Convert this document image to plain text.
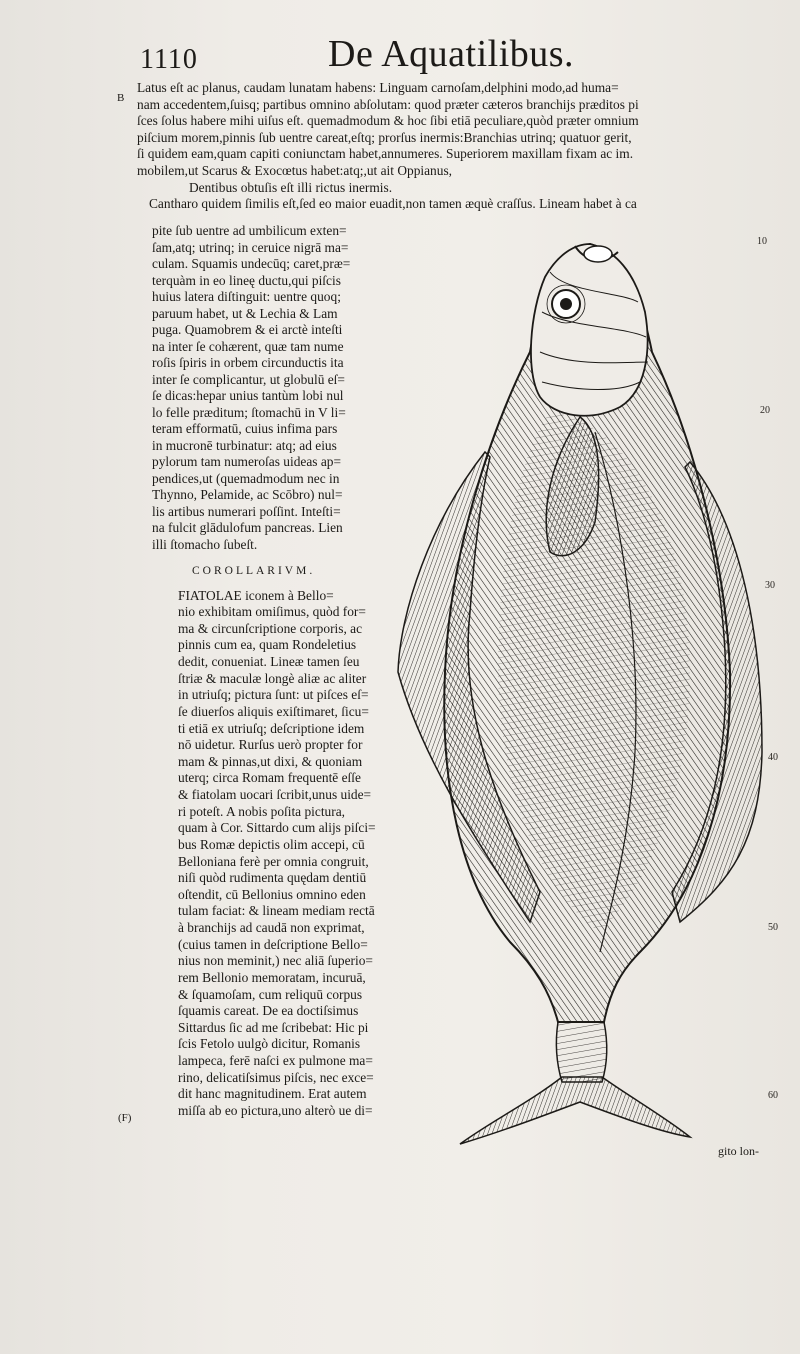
1110	De Aquatilibus.
B
(F)
Latus eſt ac planus, caudam lunatam habens: Linguam carnoſam,delphini modo,ad huma=
nam accedentem,ſuisq; partibus omnino abſolutam: quod præter cæteros branchijs præditos pi
ſces ſolus habere mihi uiſus eſt. quemadmodum & hoc ſibi etiā peculiare,quòd præter omnium
piſcium morem,pinnis ſub uentre careat,eſtq; prorſus inermis:Branchias utrinq; quatuor gerit,
ſi quidem eam,quam capiti coniunctam habet,annumeres. Superiorem maxillam fixam ac im.
mobilem,ut Scarus & Exocœtus habet:atq;,ut ait Oppianus,
Dentibus obtuſis eſt illi rictus inermis.
Cantharo quidem ſimilis eſt,ſed eo maior euadit,non tamen æquè craſſus. Lineam habet à ca
pite ſub uentre ad umbilicum exten=
ſam,atq; utrinq; in ceruice nigrā ma=
culam. Squamis undecūq; caret,præ=
terquàm in eo lineę ductu,qui piſcis
huius latera diſtinguit: uentre quoq;
paruum habet, ut & Lechia & Lam
puga. Quamobrem & ei arctè inteſti
na inter ſe cohærent, quæ tam nume
roſis ſpiris in orbem circunductis ita
inter ſe complicantur, ut globulū eſ=
ſe dicas:hepar unius tantùm lobi nul
lo felle præditum; ſtomachū in V li=
teram efformatū, cuius infima pars
in mucronē turbinatur: atq; ad eius
pylorum tam numeroſas uideas ap=
pendices,ut (quemadmodum nec in
Thynno, Pelamide, ac Scōbro) nul=
lis artibus numerari poſſint. Inteſti=
na fulcit glādulofum pancreas. Lien
illi ſtomacho ſubeſt.
COROLLARIVM.
FIATOLAE iconem à Bello=
nio exhibitam omiſimus, quòd for=
ma & circunſcriptione corporis, ac
pinnis cum ea, quam Rondeletius
dedit, conueniat. Lineæ tamen ſeu
ſtriæ & maculæ longè aliæ ac aliter
in utriuſq; pictura ſunt: ut piſces eſ=
ſe diuerſos aliquis exiſtimaret, ſicu=
ti etiā ex utriuſq; deſcriptione idem
nō uidetur. Rurſus uerò propter for
mam & pinnas,ut dixi, & quoniam
uterq; circa Romam frequentē eſſe
& fiatolam uocari ſcribit,unus uide=
ri poteſt. A nobis poſita pictura,
quam à Cor. Sittardo cum alijs piſci=
bus Romæ depictis olim accepi, cū
Belloniana ferè per omnia congruit,
niſi quòd rudimenta quędam dentiū
oſtendit, cū Bellonius omnino eden
tulam faciat: & lineam mediam rectā
à branchijs ad caudā non exprimat,
(cuius tamen in deſcriptione Bello=
nius non meminit,) nec aliā ſuperio=
rem Bellonio memoratam, incuruā,
& ſquamoſam, cum reliquū corpus
ſquamis careat. De ea doctiſsimus
Sittardus ſic ad me ſcribebat: Hic pi
ſcis Fetolo uulgò dicitur, Romanis
lampeca, ferē naſci ex pulmone ma=
rino, delicatiſsimus piſcis, nec exce=
dit hanc magnitudinem. Erat autem
miſſa ab eo pictura,uno alterò ue di=
10
20
30
40
50
60
gito lon-
